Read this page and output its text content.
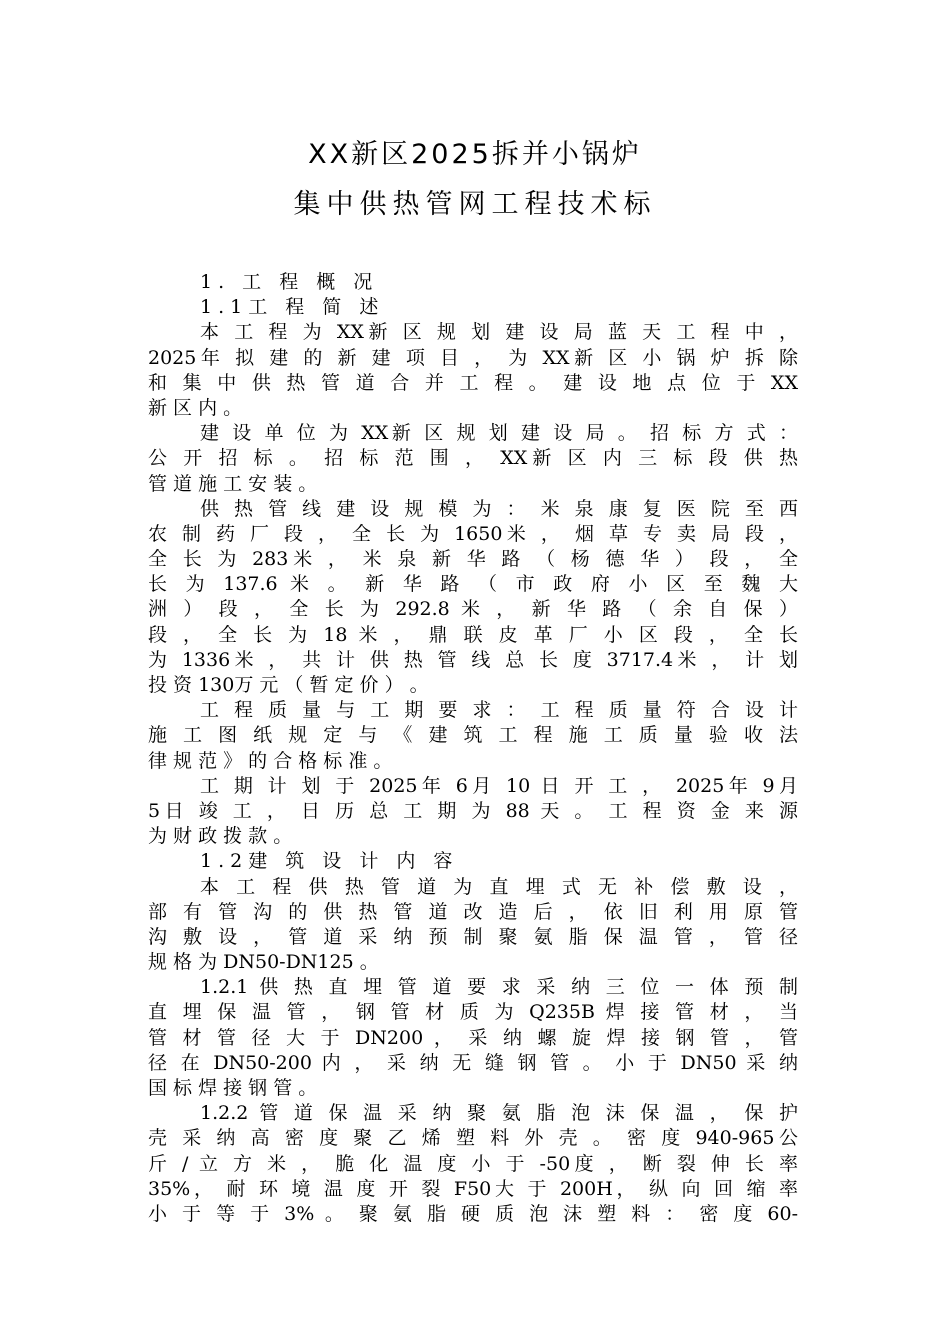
XX新区2025拆并小锅炉
集中供热管网工程技术标
1. 工 程 概 况
1.1工 程 简 述
本 工 程 为 XX新 区 规 划 建 设 局 蓝 天 工 程 中 ，
2025年 拟 建 的 新 建 项 目 ， 为 XX新 区 小 锅 炉 拆 除
和 集 中 供 热 管 道 合 并 工 程 。 建 设 地 点 位 于 XX
新 区 内 。
建 设 单 位 为 XX新 区 规 划 建 设 局 。 招 标 方 式 ：
公 开 招 标 。 招 标 范 围 ， XX新 区 内 三 标 段 供 热
管 道 施 工 安 装 。
供 热 管 线 建 设 规 模 为 ： 米 泉 康 复 医 院 至 西
农 制 药 厂 段 ， 全 长 为 1650米 ， 烟 草 专 卖 局 段 ，
全 长 为 283米 ， 米 泉 新 华 路 （ 杨 德 华 ） 段 ， 全
长 为 137.6 米 。 新 华 路 （ 市 政 府 小 区 至 魏 大
洲 ） 段 ， 全 长 为 292.8 米 ， 新 华 路 （ 余 自 保 ）
段 ， 全 长 为 18 米 ， 鼎 联 皮 革 厂 小 区 段 ， 全 长
为 1336米 ， 共 计 供 热 管 线 总 长 度 3717.4米 ， 计 划
投 资 130万 元 （ 暂 定 价 ） 。
工 程 质 量 与 工 期 要 求 ： 工 程 质 量 符 合 设 计
施 工 图 纸 规 定 与 《 建 筑 工 程 施 工 质 量 验 收 法
律 规 范 》 的 合 格 标 准 。
工 期 计 划 于 2025年 6月 10 日 开 工 ， 2025年 9月
5日 竣 工 ， 日 历 总 工 期 为 88 天 。 工 程 资 金 来 源
为 财 政 拨 款 。
1.2建 筑 设 计 内 容
本 工 程 供 热 管 道 为 直 埋 式 无 补 偿 敷 设 ，
部 有 管 沟 的 供 热 管 道 改 造 后 ， 依 旧 利 用 原 管
沟 敷 设 ， 管 道 采 纳 预 制 聚 氨 脂 保 温 管 ， 管 径
规 格 为 DN50-DN125 。
1.2.1 供 热 直 埋 管 道 要 求 采 纳 三 位 一 体 预 制
直 埋 保 温 管 ， 钢 管 材 质 为 Q235B 焊 接 管 材 ， 当
管 材 管 径 大 于 DN200 ， 采 纳 螺 旋 焊 接 钢 管 ， 管
径 在 DN50-200 内 ， 采 纳 无 缝 钢 管 。 小 于 DN50 采 纳
国 标 焊 接 钢 管 。
1.2.2 管 道 保 温 采 纳 聚 氨 脂 泡 沫 保 温 ， 保 护
壳 采 纳 高 密 度 聚 乙 烯 塑 料 外 壳 。 密 度 940-965公
斤 / 立 方 米 ， 脆 化 温 度 小 于 -50度 ， 断 裂 伸 长 率
35%， 耐 环 境 温 度 开 裂 F50大 于 200H， 纵 向 回 缩 率
小 于 等 于 3% 。 聚 氨 脂 硬 质 泡 沫 塑 料 ： 密 度 60-
